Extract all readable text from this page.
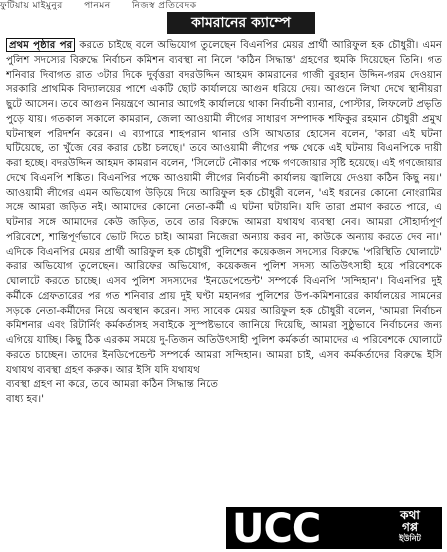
ফুটিয়ায় মাইমুনুর পানমন নিজস্ব প্রতিবেদক
কামরানের ক্যাম্পে

প্রথম পৃষ্ঠার পর করতে চাইছে বলে অভিযোগ তুলেছেন বিএনপির মেয়র প্রার্থী আরিফুল হক চৌধুরী। এমন পুলিশ সদস্যের বিরুদ্ধে নির্বাচন কমিশন ব্যবস্থা না নিলে 'কঠিন সিদ্ধান্ত' গ্রহণের হুমকি দিয়েছেন তিনি। গত শনিবার দিবাগত রাত ৩টার দিকে দুর্বৃত্তরা বদরউদ্দিন আহমদ কামরানের গাজী বুরহান উদ্দিন-গরম দেওয়ান সরকারি প্রাথমিক বিদ্যালয়ের পাশে একটি ছোট কার্যালয়ে আগুন ধরিয়ে দেয়। আগুনে লিখা দেখে স্থানীয়রা ছুটে আসেন। তবে আগুন নিয়ন্ত্রণে আনার আগেই কার্যালয়ে থাকা নির্বাচনী ব্যানার, পোস্টার, লিফলেট প্রভৃতি পুড়ে যায়। গতকাল সকালে কামরান, জেলা আওয়ামী লীগের সাধারণ সম্পাদক শফিকুর রহমান চৌধুরী প্রমুখ ঘটনাস্থল পরিদর্শন করেন। এ ব্যাপারে শাহপরান থানার ওসি আখতার হোসেন বলেন, 'কারা এই ঘটনা ঘটিয়েছে, তা খুঁজে বের করার চেষ্টা চলছে।' তবে আওয়ামী লীগের পক্ষ থেকে এই ঘটনায় বিএনপিকে দায়ী করা হচ্ছে। বদরউদ্দিন আহমদ কামরান বলেন, 'সিলেটে নৌকার পক্ষে গণজোয়ার সৃষ্টি হয়েছে। এই গণজোয়ার দেখে বিএনপি শঙ্কিত। বিএনপির পক্ষে আওয়ামী লীগের নির্বাচনী কার্যালয় জ্বালিয়ে দেওয়া কঠিন কিছু নয়।' আওয়ামী লীগের এমন অভিযোগ উড়িয়ে দিয়ে আরিফুল হক চৌধুরী বলেন, 'এই ধরনের কোনো নোংরামির সঙ্গে আমরা জড়িত নই। আমাদের কোনো নেতা-কর্মী এ ঘটনা ঘটায়নি। যদি তারা প্রমাণ করতে পারে, এ ঘটনার সঙ্গে আমাদের কেউ জড়িত, তবে তার বিরুদ্ধে আমরা যথাযথ ব্যবস্থা নেব। আমরা সৌহার্দ্যপূর্ণ পরিবেশে, শান্তিপূর্ণভাবে ভোট দিতে চাই। আমরা নিজেরা অন্যায় করব না, কাউকে অন্যায় করতে দেব না।' এদিকে বিএনপির মেয়র প্রার্থী আরিফুল হক চৌধুরী পুলিশের কয়েকজন সদস্যের বিরুদ্ধে 'পরিস্থিতি ঘোলাটে' করার অভিযোগ তুলেছেন। আরিফের অভিযোগ, কয়েকজন পুলিশ সদস্য অতিউৎসাহী হয়ে পরিবেশকে ঘোলাটে করতে চাচ্ছে। এসব পুলিশ সদস্যদের 'ইনডেপেন্ডেন্ট' সম্পর্কে বিএনপি 'সন্দিহান'। বিএনপির দুই কর্মীকে গ্রেফতারের পর গত শনিবার প্রায় দুই ঘণ্টা মহানগর পুলিশের উপ-কমিশনারের কার্যালয়ের সামনের সড়কে নেতা-কর্মীদের নিয়ে অবস্থান করেন। সদ্য সাবেক মেয়র আরিফুল হক চৌধুরী বলেন, 'আমরা নির্বাচন কমিশনার এবং রিটার্নিং কর্মকর্তাসহ সবাইকে সুস্পষ্টভাবে জানিয়ে দিয়েছি, আমরা সুষ্ঠুভাবে নির্বাচনের জন্য এগিয়ে যাচ্ছি। কিছু ঠিক এরকম সময়ে দু-তিজন অতিউৎসাহী পুলিশ কর্মকর্তা আমাদের এ পরিবেশকে ঘোলাটে করতে চাচ্ছেন। তাদের ইনডিপেন্ডেন্ট সম্পর্কে আমরা সন্দিহান। আমরা চাই, এসব কর্মকর্তাদের বিরুদ্ধে ইসি যথাযথ ব্যবস্থা গ্রহণ করুক। আর ইসি যদি যথাযথ

ব্যবস্থা গ্রহণ না করে, তবে আমরা কঠিন সিদ্ধান্ত নিতে বাধ্য হব।'

UCC	কথা
গপ্প
ইউনিট
